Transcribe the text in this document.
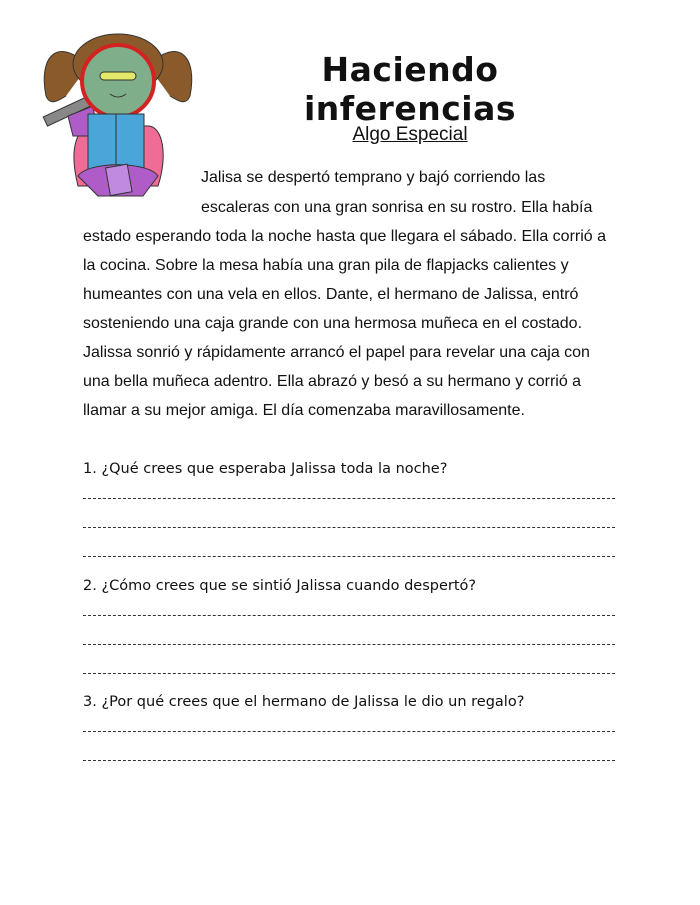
Haciendo inferencias
Algo Especial
Jalisa se despertó temprano y bajó corriendo las
escaleras con una gran sonrisa en su rostro. Ella había
estado esperando toda la noche hasta que llegara el sábado. Ella corrió a
la cocina. Sobre la mesa había una gran pila de flapjacks calientes y
humeantes con una vela en ellos. Dante, el hermano de Jalissa, entró
sosteniendo una caja grande con una hermosa muñeca en el costado.
Jalissa sonrió y rápidamente arrancó el papel para revelar una caja con
una bella muñeca adentro. Ella abrazó y besó a su hermano y corrió a
llamar a su mejor amiga. El día comenzaba maravillosamente.
1. ¿Qué crees que esperaba Jalissa toda la noche?
2. ¿Cómo crees que se sintió Jalissa cuando despertó?
3. ¿Por qué crees que el hermano de Jalissa le dio un regalo?
